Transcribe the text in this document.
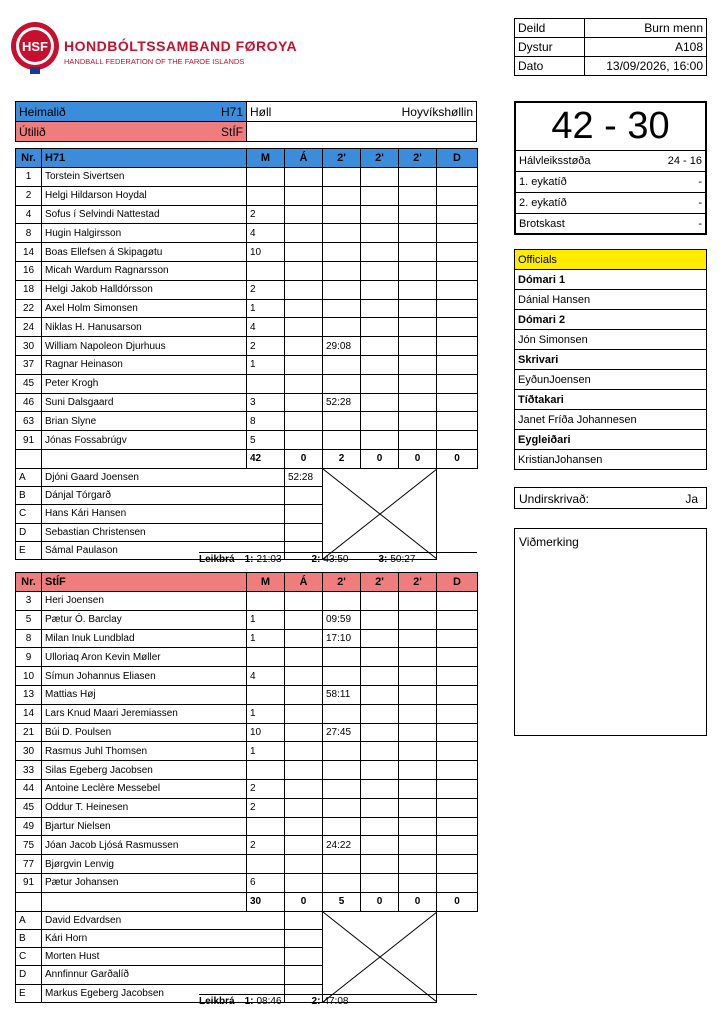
HSF HONDBÓLTSSAMBAND FØROYA
HANDBALL FEDERATION OF THE FAROE ISLANDS
Deild	Burn menn
Dystur	A108
Dato	13/09/2026, 16:00
Heimalið H71	Høll Hoyvíkshøllin

Útilið StÍF	

Nr.	H71	M	Á	2'	2'	2'	D
1	Torstein Sivertsen						
2	Helgi Hildarson Hoydal						
4	Sofus í Selvindi Nattestad	2					
8	Hugin Halgirsson	4					
14	Boas Ellefsen á Skipagøtu	10					
16	Micah Wardum Ragnarsson						
18	Helgi Jakob Halldórsson	2					
22	Axel Holm Simonsen	1					
24	Niklas H. Hanusarson	4					
30	William Napoleon Djurhuus	2		29:08			
37	Ragnar Heinason	1					
45	Peter Krogh						
46	Suni Dalsgaard	3		52:28			
63	Brian Slyne	8					
91	Jónas Fossabrúgv	5					
		42	0	2	0	0	0
A	Djóni Gaard Joensen		52:28	

B	Dánjal Tórgarð						
C	Hans Kári Hansen						
D	Sebastian Christensen						
E	Sámal Paulason						
Leikbrá 1: 21:03	2: 43:50	3: 50:27
Nr.	StÍF	M	Á	2'	2'	2'	D
3	Heri Joensen						
5	Pætur Ó. Barclay	1		09:59			
8	Milan Inuk Lundblad	1		17:10			
9	Ulloriaq Aron Kevin Møller						
10	Símun Johannus Eliasen	4					
13	Mattias Høj			58:11			
14	Lars Knud Maari Jeremiassen	1					
21	Búi D. Poulsen	10		27:45			
30	Rasmus Juhl Thomsen	1					
33	Silas Egeberg Jacobsen						
44	Antoine Leclère Messebel	2					
45	Oddur T. Heinesen	2					
49	Bjartur Nielsen						
75	Jóan Jacob Ljósá Rasmussen	2		24:22			
77	Bjørgvin Lenvig						
91	Pætur Johansen	6					
		30	0	5	0	0	0
A	David Edvardsen		

B	Kári Horn						
C	Morten Hust						
D	Annfinnur Garðalíð						
E	Markus Egeberg Jacobsen						
Leikbrá 1: 08:46	2: 47:08
42 - 30
Hálvleiksstøða	24 - 16
1. eykatíð	-
2. eykatíð	-
Brotskast	-
Officials
Dómari 1
Dánial Hansen
Dómari 2
Jón Simonsen
Skrivari
EyðunJoensen
Tíðtakari
Janet Fríða Johannesen
Eygleiðari
KristianJohansen
Undirskrivað:	Ja
Viðmerking
